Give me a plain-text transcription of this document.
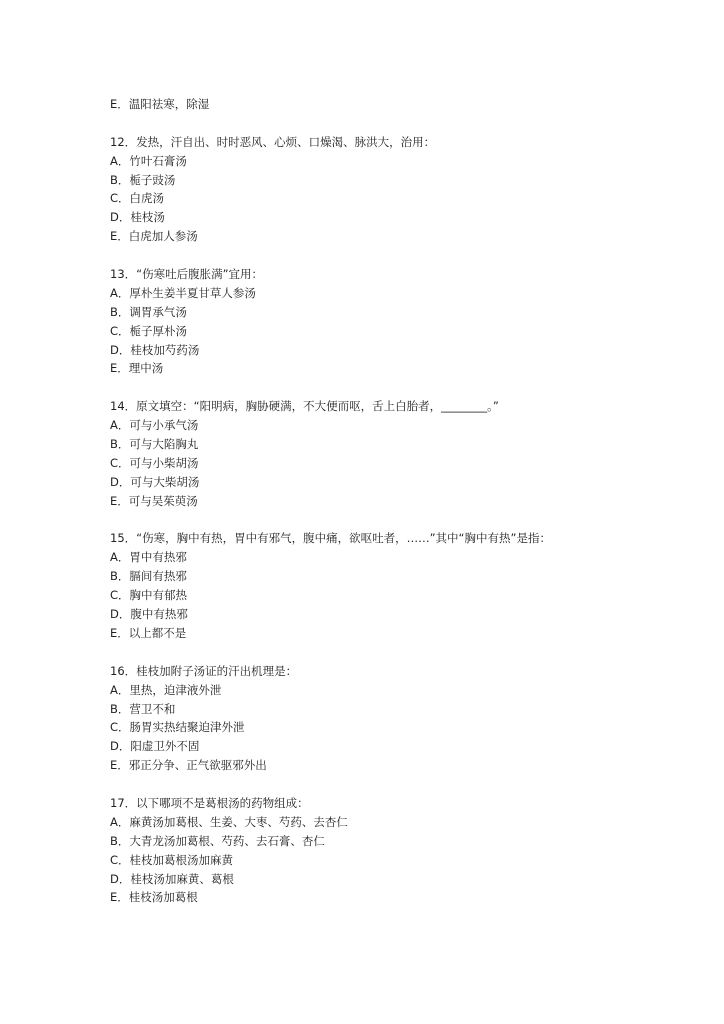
E．温阳祛寒，除湿
12．发热，汗自出、时时恶风、心烦、口燥渴、脉洪大，治用：
A．竹叶石膏汤
B．栀子豉汤
C．白虎汤
D．桂枝汤
E．白虎加人参汤
13．“伤寒吐后腹胀满”宜用：
A．厚朴生姜半夏甘草人参汤
B．调胃承气汤
C．栀子厚朴汤
D．桂枝加芍药汤
E．理中汤
14．原文填空：“阳明病，胸胁硬满，不大便而呕，舌上白胎者，________。”
A．可与小承气汤
B．可与大陷胸丸
C．可与小柴胡汤
D．可与大柴胡汤
E．可与吴茱萸汤
15．“伤寒，胸中有热，胃中有邪气，腹中痛，欲呕吐者，……”其中“胸中有热”是指：
A．胃中有热邪
B．膈间有热邪
C．胸中有郁热
D．腹中有热邪
E．以上都不是
16．桂枝加附子汤证的汗出机理是：
A．里热，迫津液外泄
B．营卫不和
C．肠胃实热结聚迫津外泄
D．阳虚卫外不固
E．邪正分争、正气欲驱邪外出
17．以下哪项不是葛根汤的药物组成：
A．麻黄汤加葛根、生姜、大枣、芍药、去杏仁
B．大青龙汤加葛根、芍药、去石膏、杏仁
C．桂枝加葛根汤加麻黄
D．桂枝汤加麻黄、葛根
E．桂枝汤加葛根
